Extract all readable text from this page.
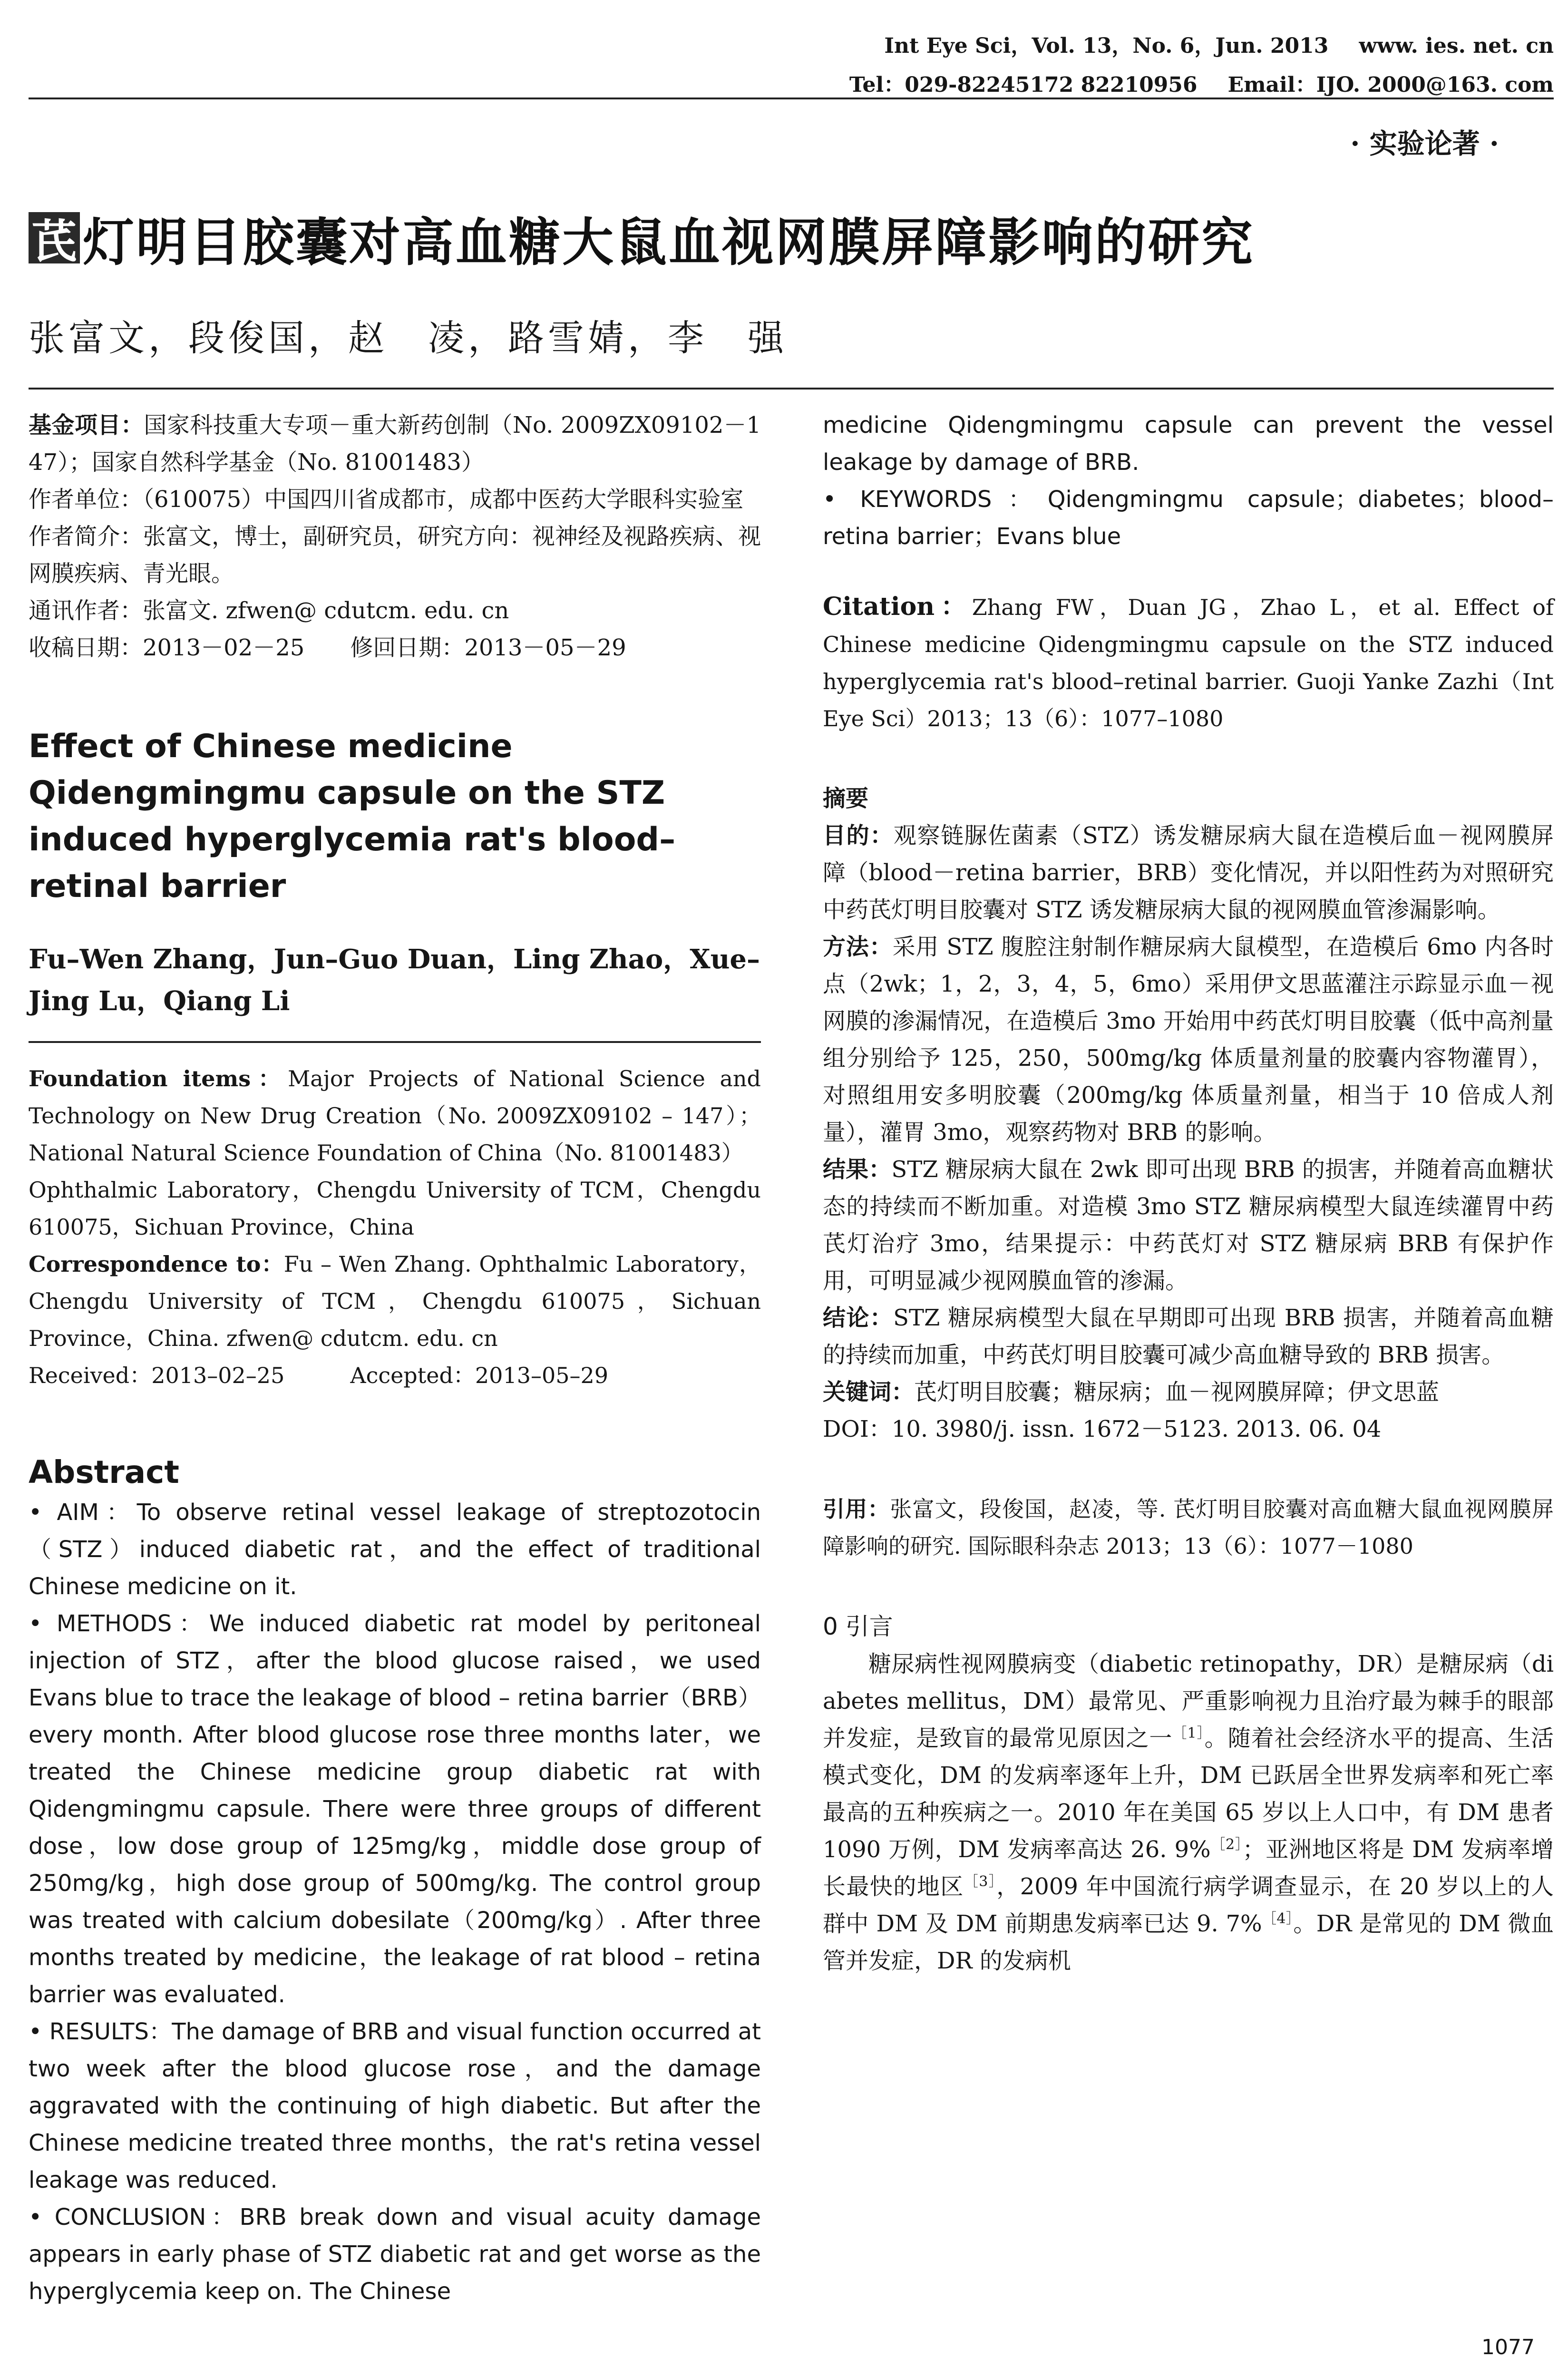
Int Eye Sci，Vol. 13，No. 6，Jun. 2013 www. ies. net. cn
Tel：029-82245172 82210956 Email：IJO. 2000@163. com
· 实验论著 ·
芪 灯明目胶囊对高血糖大鼠血视网膜屏障影响的研究
张富文，段俊国，赵　凌，路雪婧，李　强

基金项目：国家科技重大专项－重大新药创制（No. 2009ZX09102－147）；国家自然科学基金（No. 81001483）

作者单位：（610075）中国四川省成都市，成都中医药大学眼科实验室

作者简介：张富文，博士，副研究员，研究方向：视神经及视路疾病、视网膜疾病、青光眼。

通讯作者：张富文. zfwen@ cdutcm. edu. cn

收稿日期：2013－02－25　　修回日期：2013－05－29

Effect of Chinese medicine Qidengmingmu capsule on the STZ induced hyperglycemia rat's blood–retinal barrier
Fu–Wen Zhang，Jun–Guo Duan，Ling Zhao，Xue–Jing Lu，Qiang Li
Foundation items：Major Projects of National Science and Technology on New Drug Creation（No. 2009ZX09102 – 147）；National Natural Science Foundation of China（No. 81001483）
Ophthalmic Laboratory，Chengdu University of TCM，Chengdu 610075，Sichuan Province，China
Correspondence to：Fu – Wen Zhang. Ophthalmic Laboratory，Chengdu University of TCM，Chengdu 610075，Sichuan Province，China. zfwen@ cdutcm. edu. cn
Received：2013–02–25　　　Accepted：2013–05–29
Abstract

• AIM：To observe retinal vessel leakage of streptozotocin（STZ）induced diabetic rat，and the effect of traditional Chinese medicine on it.

• METHODS：We induced diabetic rat model by peritoneal injection of STZ，after the blood glucose raised，we used Evans blue to trace the leakage of blood – retina barrier（BRB）every month. After blood glucose rose three months later，we treated the Chinese medicine group diabetic rat with Qidengmingmu capsule. There were three groups of different dose，low dose group of 125mg/kg，middle dose group of 250mg/kg，high dose group of 500mg/kg. The control group was treated with calcium dobesilate（200mg/kg）. After three months treated by medicine，the leakage of rat blood – retina barrier was evaluated.

• RESULTS：The damage of BRB and visual function occurred at two week after the blood glucose rose，and the damage aggravated with the continuing of high diabetic. But after the Chinese medicine treated three months，the rat's retina vessel leakage was reduced.

• CONCLUSION：BRB break down and visual acuity damage appears in early phase of STZ diabetic rat and get worse as the hyperglycemia keep on. The Chinese

medicine Qidengmingmu capsule can prevent the vessel leakage by damage of BRB.

• KEYWORDS：Qidengmingmu capsule；diabetes；blood–retina barrier；Evans blue

Citation：Zhang FW，Duan JG，Zhao L，et al. Effect of Chinese medicine Qidengmingmu capsule on the STZ induced hyperglycemia rat's blood–retinal barrier. Guoji Yanke Zazhi（Int Eye Sci）2013；13（6）：1077–1080

摘要

目的：观察链脲佐菌素（STZ）诱发糖尿病大鼠在造模后血－视网膜屏障（blood－retina barrier，BRB）变化情况，并以阳性药为对照研究中药芪灯明目胶囊对 STZ 诱发糖尿病大鼠的视网膜血管渗漏影响。

方法：采用 STZ 腹腔注射制作糖尿病大鼠模型，在造模后 6mo 内各时点（2wk；1，2，3，4，5，6mo）采用伊文思蓝灌注示踪显示血－视网膜的渗漏情况，在造模后 3mo 开始用中药芪灯明目胶囊（低中高剂量组分别给予 125，250，500mg/kg 体质量剂量的胶囊内容物灌胃），对照组用安多明胶囊（200mg/kg 体质量剂量，相当于 10 倍成人剂量），灌胃 3mo，观察药物对 BRB 的影响。

结果：STZ 糖尿病大鼠在 2wk 即可出现 BRB 的损害，并随着高血糖状态的持续而不断加重。对造模 3mo STZ 糖尿病模型大鼠连续灌胃中药芪灯治疗 3mo，结果提示：中药芪灯对 STZ 糖尿病 BRB 有保护作用，可明显减少视网膜血管的渗漏。

结论：STZ 糖尿病模型大鼠在早期即可出现 BRB 损害，并随着高血糖的持续而加重，中药芪灯明目胶囊可减少高血糖导致的 BRB 损害。

关键词：芪灯明目胶囊；糖尿病；血－视网膜屏障；伊文思蓝

DOI：10. 3980/j. issn. 1672－5123. 2013. 06. 04

引用：张富文，段俊国，赵凌，等. 芪灯明目胶囊对高血糖大鼠血视网膜屏障影响的研究. 国际眼科杂志 2013；13（6）：1077－1080
0 引言
糖尿病性视网膜病变（diabetic retinopathy，DR）是糖尿病（diabetes mellitus，DM）最常见、严重影响视力且治疗最为棘手的眼部并发症，是致盲的最常见原因之一$^{[1]}$。随着社会经济水平的提高、生活模式变化，DM 的发病率逐年上升，DM 已跃居全世界发病率和死亡率最高的五种疾病之一。2010 年在美国 65 岁以上人口中，有 DM 患者 1090 万例，DM 发病率高达 26. 9%$^{[2]}$；亚洲地区将是 DM 发病率增长最快的地区$^{[3]}$，2009 年中国流行病学调查显示，在 20 岁以上的人群中 DM 及 DM 前期患发病率已达 9. 7%$^{[4]}$。DR 是常见的 DM 微血管并发症，DR 的发病机
1077
